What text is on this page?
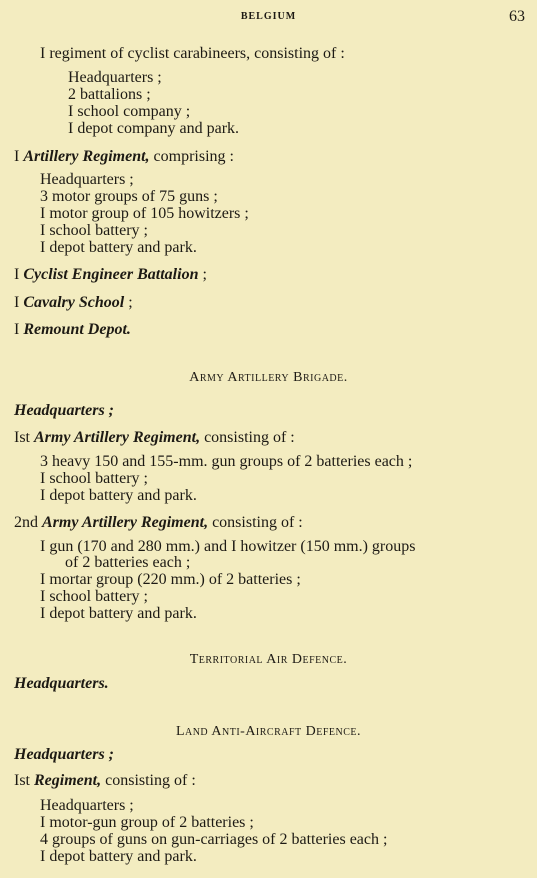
BELGIUM	63
I regiment of cyclist carabineers, consisting of :
Headquarters ;
2 battalions ;
I school company ;
I depot company and park.
I Artillery Regiment, comprising :
Headquarters ;
3 motor groups of 75 guns ;
I motor group of 105 howitzers ;
I school battery ;
I depot battery and park.
I Cyclist Engineer Battalion ;
I Cavalry School ;
I Remount Depot.
Army Artillery Brigade.
Headquarters ;
Ist Army Artillery Regiment, consisting of :
3 heavy 150 and 155-mm. gun groups of 2 batteries each ;
I school battery ;
I depot battery and park.
2nd Army Artillery Regiment, consisting of :
I gun (170 and 280 mm.) and I howitzer (150 mm.) groups
of 2 batteries each ;
I mortar group (220 mm.) of 2 batteries ;
I school battery ;
I depot battery and park.
Territorial Air Defence.
Headquarters.
Land Anti-Aircraft Defence.
Headquarters ;
Ist Regiment, consisting of :
Headquarters ;
I motor-gun group of 2 batteries ;
4 groups of guns on gun-carriages of 2 batteries each ;
I depot battery and park.
